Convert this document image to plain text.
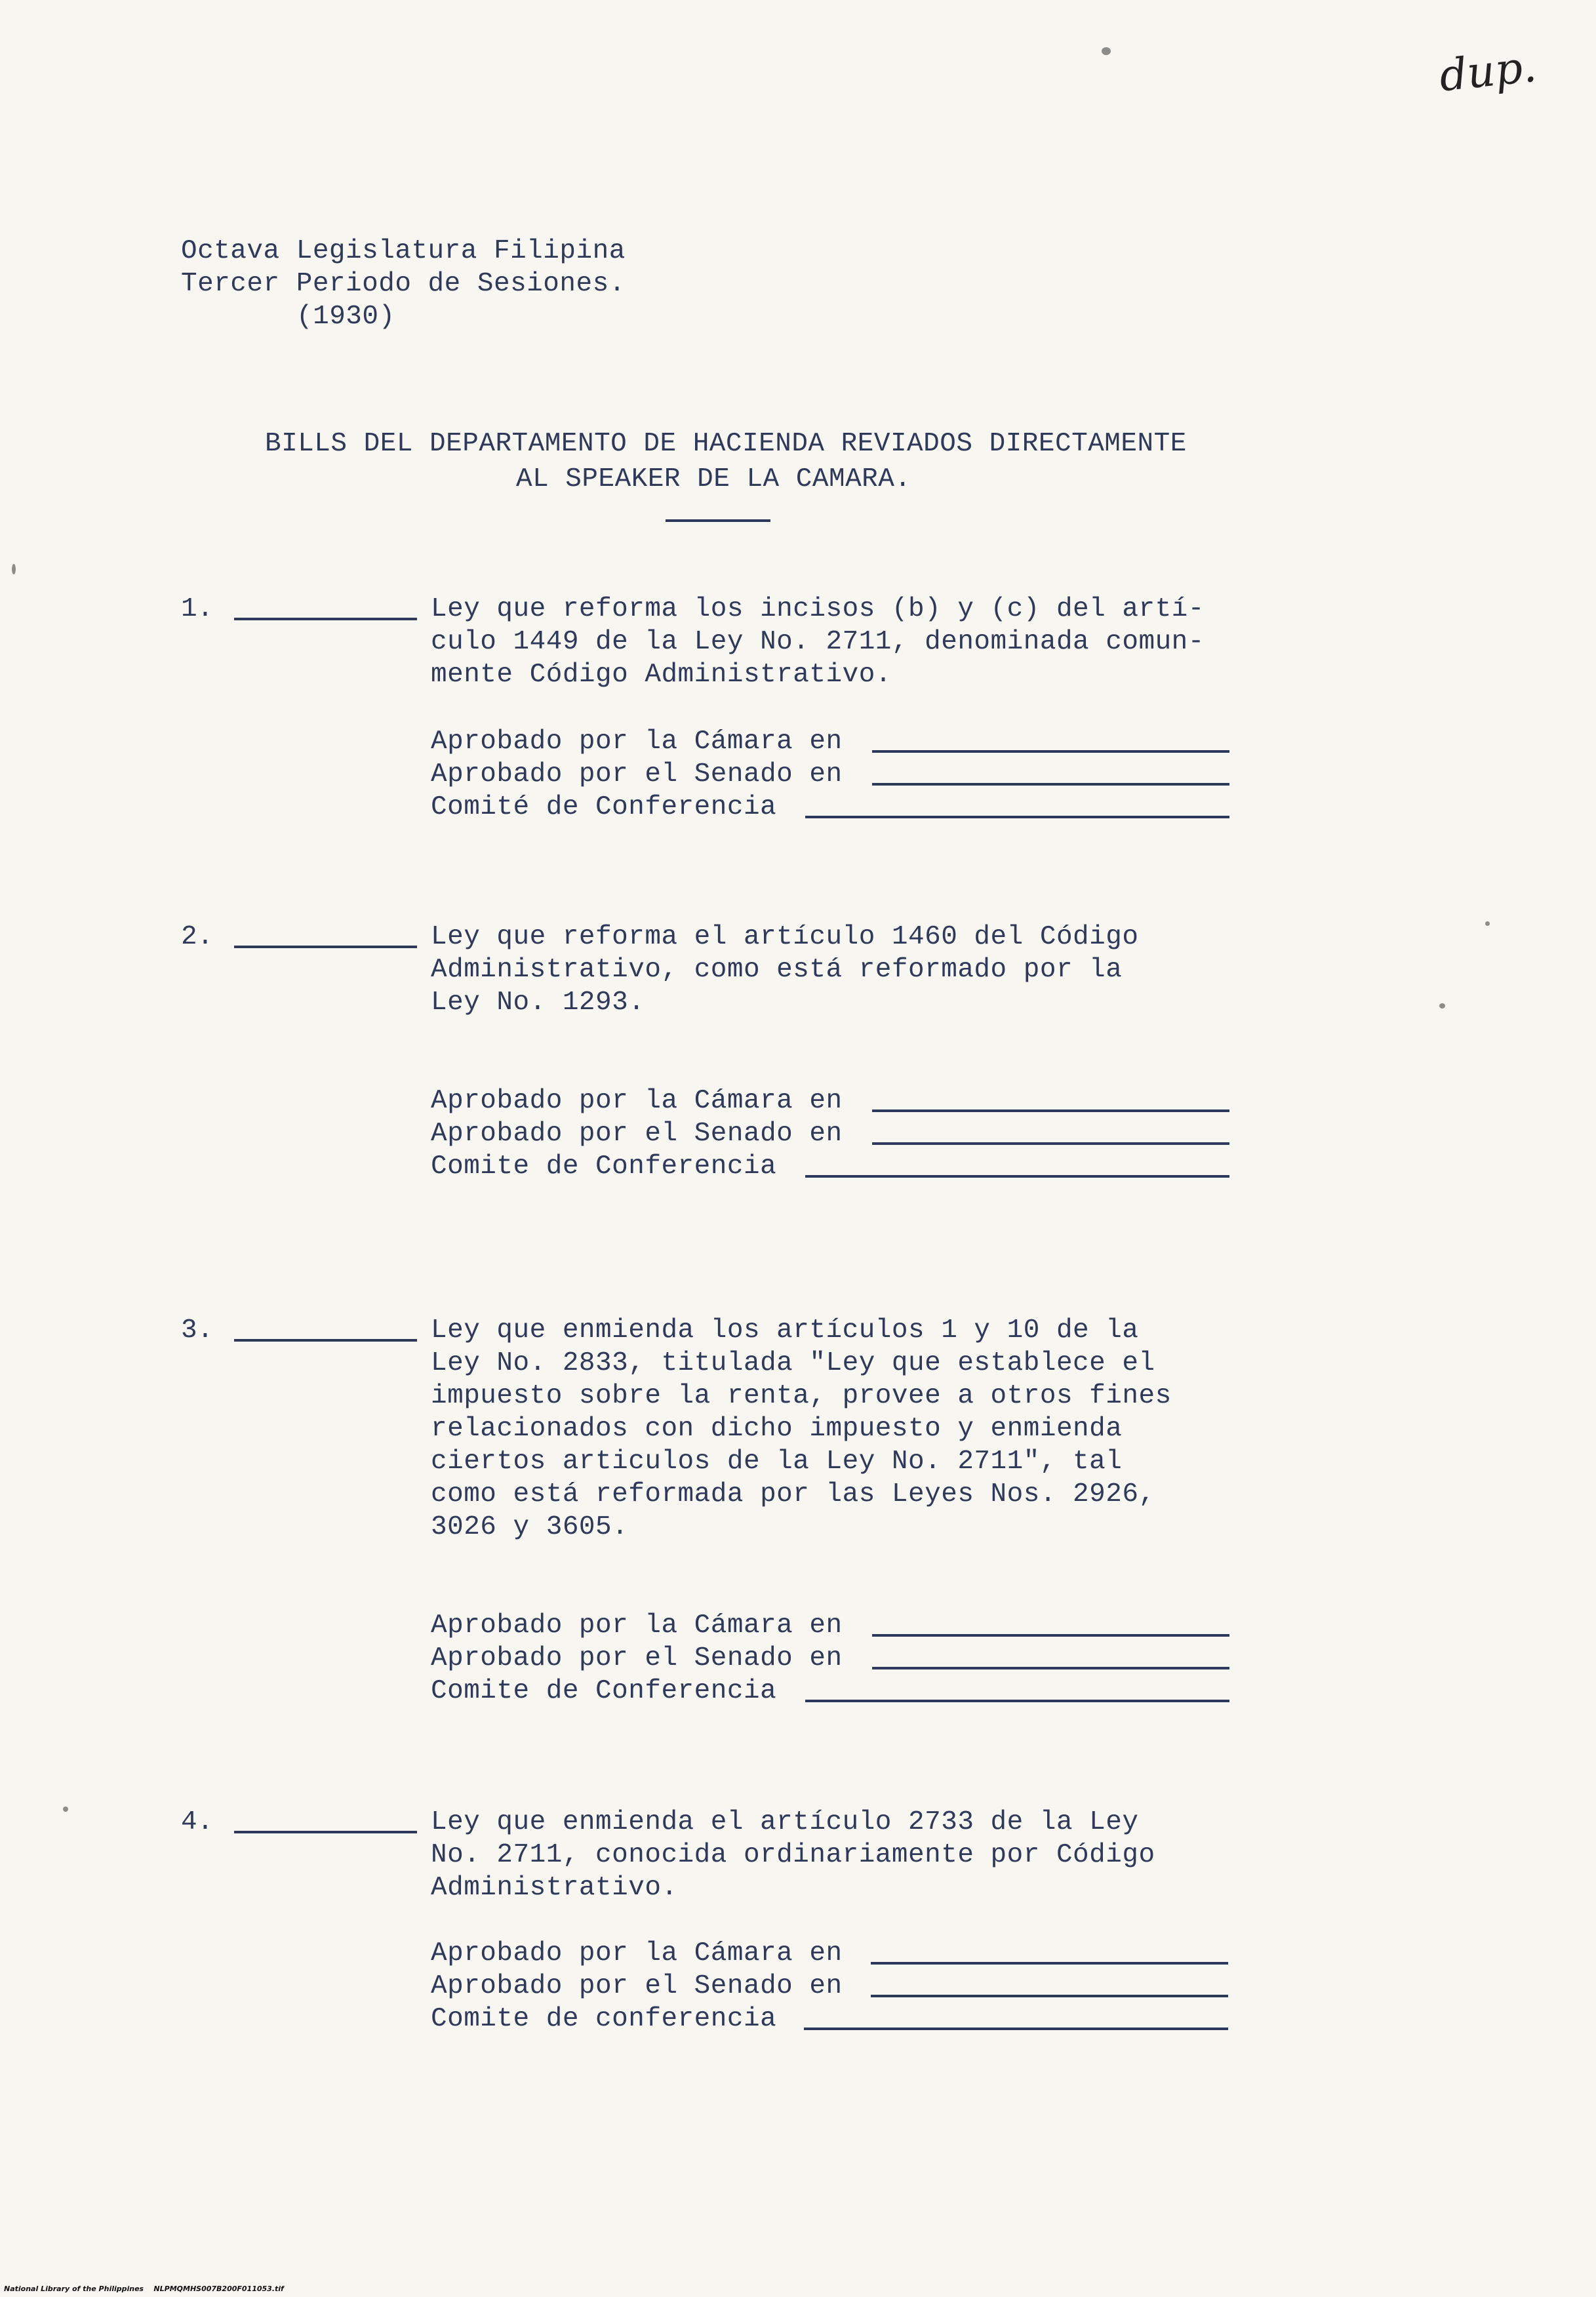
dup.
Octava Legislatura Filipina
Tercer Periodo de Sesiones.
(1930)
BILLS DEL DEPARTAMENTO DE HACIENDA REVIADOS DIRECTAMENTE
AL SPEAKER DE LA CAMARA.
1.	Ley que reforma los incisos (b) y (c) del artí-
culo 1449 de la Ley No. 2711, denominada comun-
mente Código Administrativo.
Aprobado por la Cámara en
Aprobado por el Senado en
Comité de Conferencia
2.	Ley que reforma el artículo 1460 del Código
Administrativo, como está reformado por la
Ley No. 1293.
Aprobado por la Cámara en
Aprobado por el Senado en
Comite de Conferencia
3.	Ley que enmienda los artículos 1 y 10 de la
Ley No. 2833, titulada "Ley que establece el
impuesto sobre la renta, provee a otros fines
relacionados con dicho impuesto y enmienda
ciertos articulos de la Ley No. 2711", tal
como está reformada por las Leyes Nos. 2926,
3026 y 3605.
Aprobado por la Cámara en
Aprobado por el Senado en
Comite de Conferencia
4.	Ley que enmienda el artículo 2733 de la Ley
No. 2711, conocida ordinariamente por Código
Administrativo.
Aprobado por la Cámara en
Aprobado por el Senado en
Comite de conferencia
National Library of the Philippines    NLPMQMHS007B200F011053.tif
